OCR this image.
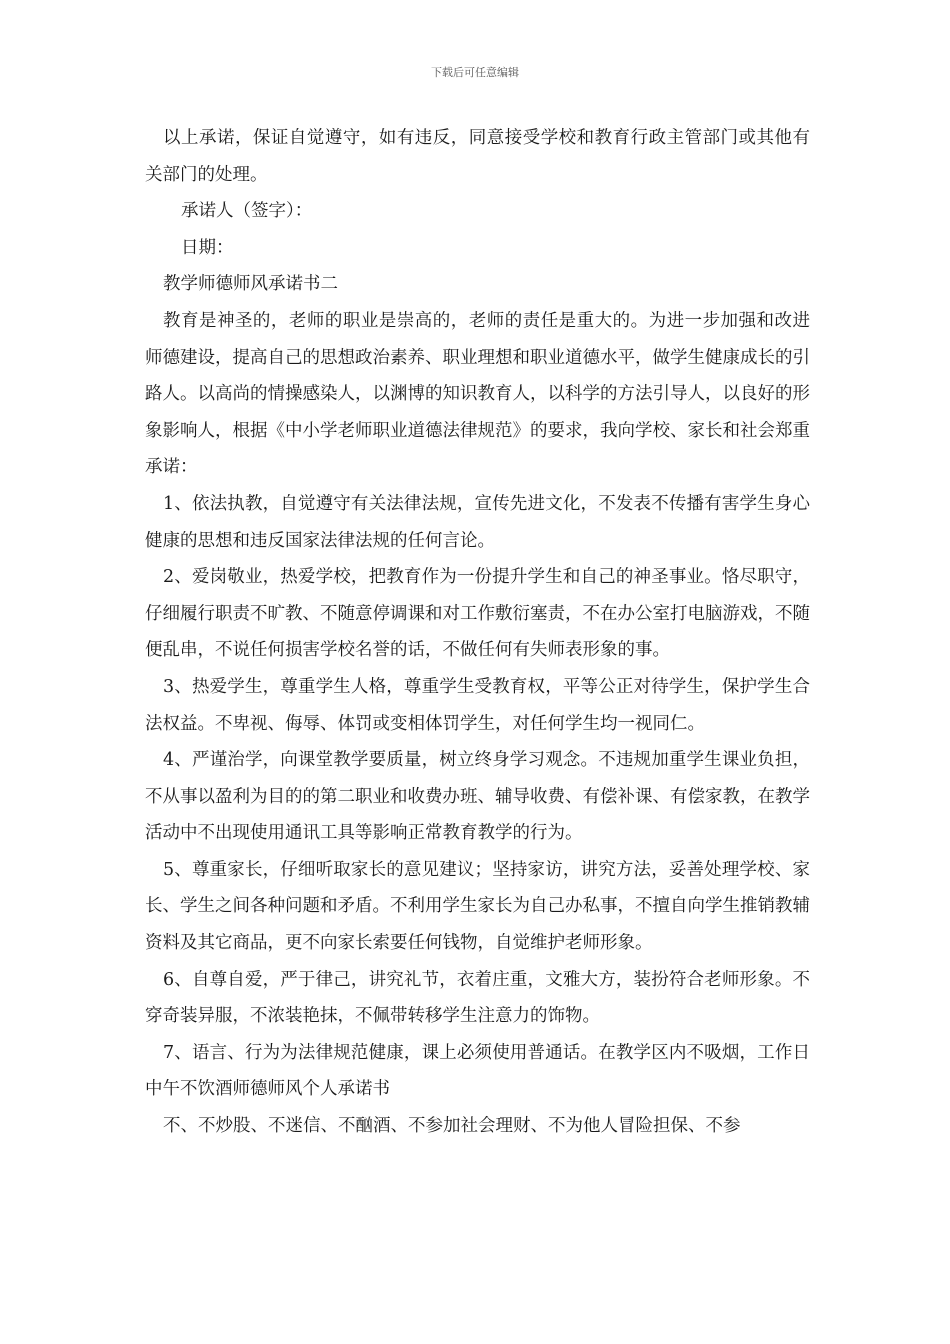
下载后可任意编辑

以上承诺，保证自觉遵守，如有违反，同意接受学校和教育行政主管部门或其他有关部门的处理。

承诺人（签字）：

日期：

教学师德师风承诺书二

教育是神圣的，老师的职业是崇高的，老师的责任是重大的。为进一步加强和改进师德建设，提高自己的思想政治素养、职业理想和职业道德水平，做学生健康成长的引路人。以高尚的情操感染人，以渊博的知识教育人，以科学的方法引导人，以良好的形象影响人，根据《中小学老师职业道德法律规范》的要求，我向学校、家长和社会郑重承诺：

1、依法执教，自觉遵守有关法律法规，宣传先进文化，不发表不传播有害学生身心健康的思想和违反国家法律法规的任何言论。

2、爱岗敬业，热爱学校，把教育作为一份提升学生和自己的神圣事业。恪尽职守，仔细履行职责不旷教、不随意停调课和对工作敷衍塞责，不在办公室打电脑游戏，不随便乱串，不说任何损害学校名誉的话，不做任何有失师表形象的事。

3、热爱学生，尊重学生人格，尊重学生受教育权，平等公正对待学生，保护学生合法权益。不卑视、侮辱、体罚或变相体罚学生，对任何学生均一视同仁。

4、严谨治学，向课堂教学要质量，树立终身学习观念。不违规加重学生课业负担，不从事以盈利为目的的第二职业和收费办班、辅导收费、有偿补课、有偿家教，在教学活动中不出现使用通讯工具等影响正常教育教学的行为。

5、尊重家长，仔细听取家长的意见建议；坚持家访，讲究方法，妥善处理学校、家长、学生之间各种问题和矛盾。不利用学生家长为自己办私事，不擅自向学生推销教辅资料及其它商品，更不向家长索要任何钱物，自觉维护老师形象。

6、自尊自爱，严于律己，讲究礼节，衣着庄重，文雅大方，装扮符合老师形象。不穿奇装异服，不浓装艳抹，不佩带转移学生注意力的饰物。

7、语言、行为为法律规范健康，课上必须使用普通话。在教学区内不吸烟，工作日中午不饮酒师德师风个人承诺书

不、不炒股、不迷信、不酗酒、不参加社会理财、不为他人冒险担保、不参
